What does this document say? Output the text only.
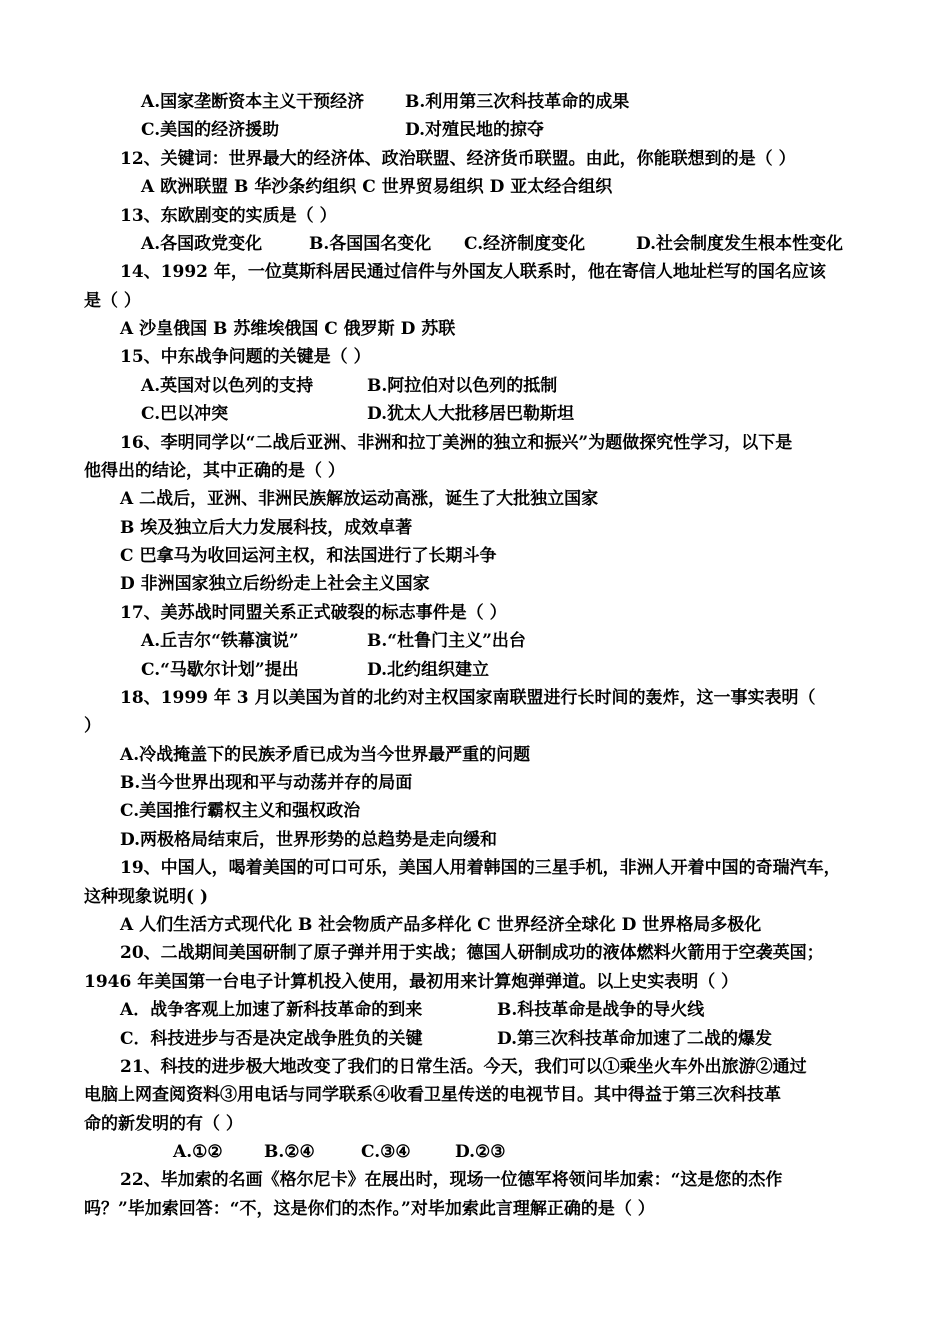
A.国家垄断资本主义干预经济 B.利用第三次科技革命的成果
C.美国的经济援助	D.对殖民地的掠夺
12、关键词：世界最大的经济体、政治联盟、经济货币联盟。由此，你能联想到的是（ ）
A 欧洲联盟 B 华沙条约组织 C 世界贸易组织 D 亚太经合组织
13、东欧剧变的实质是（ ）
A.各国政党变化	B.各国国名变化 C.经济制度变化	D.社会制度发生根本性变化
14、1992 年，一位莫斯科居民通过信件与外国友人联系时，他在寄信人地址栏写的国名应该
是（ ）
A 沙皇俄国 B 苏维埃俄国 C 俄罗斯 D 苏联
15、中东战争问题的关键是（ ）
A.英国对以色列的支持	B.阿拉伯对以色列的抵制
C.巴以冲突	D.犹太人大批移居巴勒斯坦
16、李明同学以“二战后亚洲、非洲和拉丁美洲的独立和振兴”为题做探究性学习，以下是
他得出的结论，其中正确的是（ ）
A 二战后，亚洲、非洲民族解放运动高涨，诞生了大批独立国家
B 埃及独立后大力发展科技，成效卓著
C 巴拿马为收回运河主权，和法国进行了长期斗争
D 非洲国家独立后纷纷走上社会主义国家
17、美苏战时同盟关系正式破裂的标志事件是（ ）
A.丘吉尔“铁幕演说”	B.“杜鲁门主义”出台
C.“马歇尔计划”提出	D.北约组织建立
18、1999 年 3 月以美国为首的北约对主权国家南联盟进行长时间的轰炸，这一事实表明（
）
A.冷战掩盖下的民族矛盾已成为当今世界最严重的问题
B.当今世界出现和平与动荡并存的局面
C.美国推行霸权主义和强权政治
D.两极格局结束后，世界形势的总趋势是走向缓和
19、中国人，喝着美国的可口可乐，美国人用着韩国的三星手机，非洲人开着中国的奇瑞汽车，
这种现象说明( )
A 人们生活方式现代化 B 社会物质产品多样化 C 世界经济全球化 D 世界格局多极化
20、二战期间美国研制了原子弹并用于实战；德国人研制成功的液体燃料火箭用于空袭英国；
1946 年美国第一台电子计算机投入使用，最初用来计算炮弹弹道。以上史实表明（ ）
A．战争客观上加速了新科技革命的到来	B.科技革命是战争的导火线
C．科技进步与否是决定战争胜负的关键	D.第三次科技革命加速了二战的爆发
21、科技的进步极大地改变了我们的日常生活。今天，我们可以①乘坐火车外出旅游②通过
电脑上网查阅资料③用电话与同学联系④收看卫星传送的电视节目。其中得益于第三次科技革
命的新发明的有（ ）
A.①② B.②④	C.③④	D.②③
22、毕加索的名画《格尔尼卡》在展出时，现场一位德军将领问毕加索：“这是您的杰作
吗？”毕加索回答：“不，这是你们的杰作。”对毕加索此言理解正确的是（ ）
